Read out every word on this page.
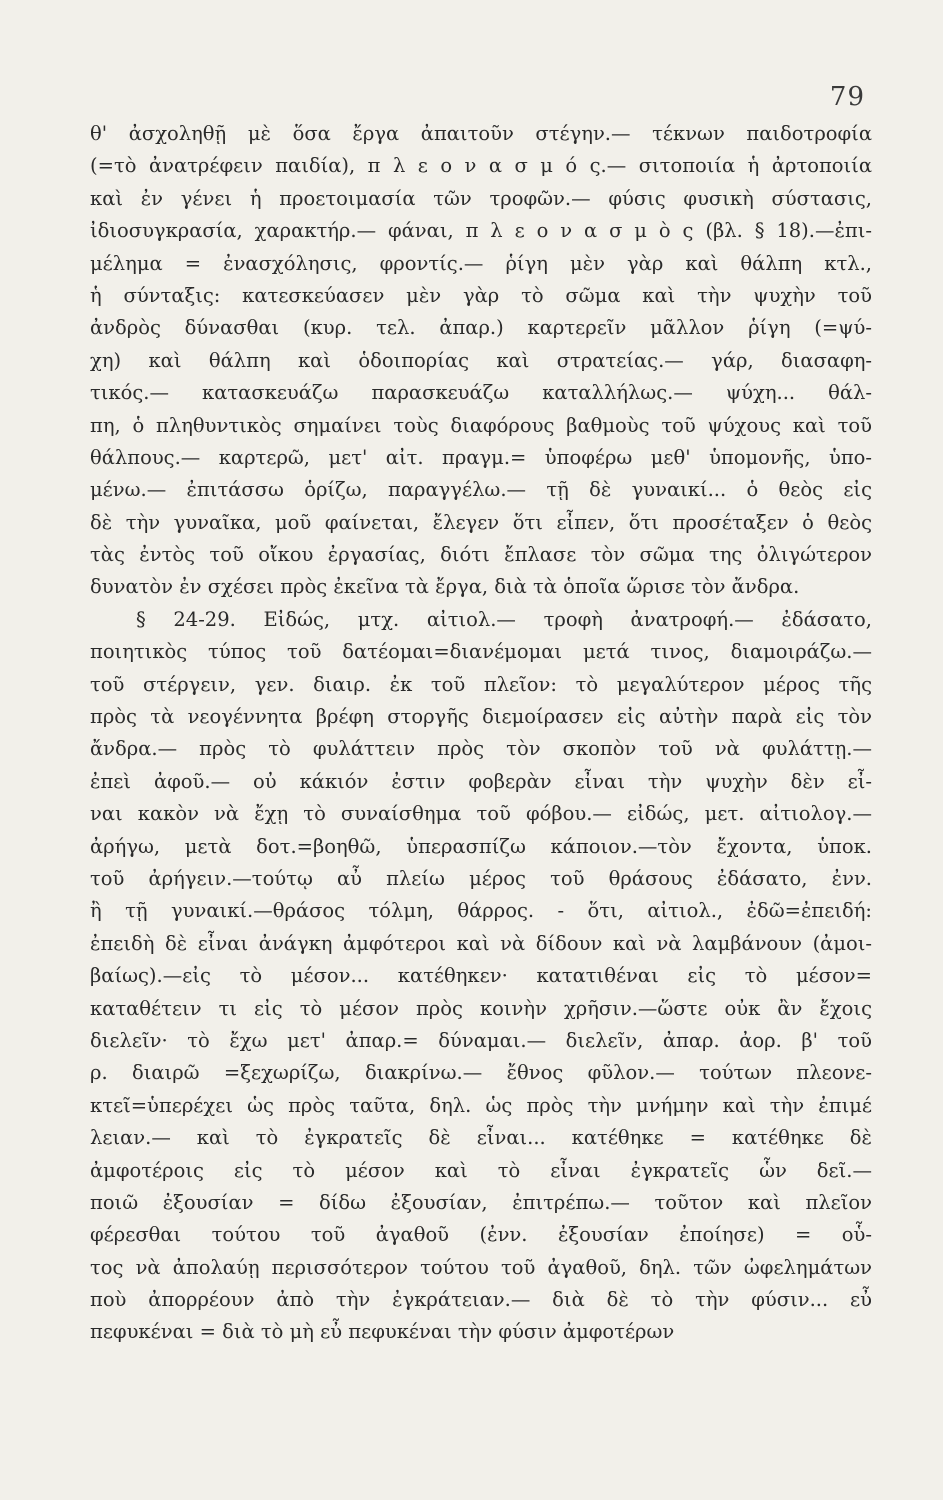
79
θ' ἀσχοληθῇ μὲ ὅσα ἔργα ἀπαιτοῦν στέγην.— τέκνων παιδοτροφία
(=τὸ ἀνατρέφειν παιδία), π λ ε ο ν α σ μ ό ς.— σιτοποιία ἡ ἀρτοποιία
καὶ ἐν γένει ἡ προετοιμασία τῶν τροφῶν.— φύσις φυσικὴ σύστασις,
ἰδιοσυγκρασία, χαρακτήρ.— φάναι, π λ ε ο ν α σ μ ὸ ς (βλ. § 18).—ἐπι-
μέλημα = ἐνασχόλησις, φροντίς.— ῥίγη μὲν γὰρ καὶ θάλπη κτλ.,
ἡ σύνταξις: κατεσκεύασεν μὲν γὰρ τὸ σῶμα καὶ τὴν ψυχὴν τοῦ
ἀνδρὸς δύνασθαι (κυρ. τελ. ἀπαρ.) καρτερεῖν μᾶλλον ῥίγη (=ψύ-
χη) καὶ θάλπη καὶ ὁδοιπορίας καὶ στρατείας.— γάρ, διασαφη-
τικός.— κατασκευάζω παρασκευάζω καταλλήλως.— ψύχη... θάλ-
πη, ὁ πληθυντικὸς σημαίνει τοὺς διαφόρους βαθμοὺς τοῦ ψύχους καὶ τοῦ
θάλπους.— καρτερῶ, μετ' αἰτ. πραγμ.= ὑποφέρω μεθ' ὑπομονῆς, ὑπο-
μένω.— ἐπιτάσσω ὁρίζω, παραγγέλω.— τῇ δὲ γυναικί... ὁ θεὸς εἰς
δὲ τὴν γυναῖκα, μοῦ φαίνεται, ἔλεγεν ὅτι εἶπεν, ὅτι προσέταξεν ὁ θεὸς
τὰς ἐντὸς τοῦ οἴκου ἐργασίας, διότι ἔπλασε τὸν σῶμα της ὀλιγώτερον
δυνατὸν ἐν σχέσει πρὸς ἐκεῖνα τὰ ἔργα, διὰ τὰ ὁποῖα ὥρισε τὸν ἄνδρα.
§ 24-29. Εἰδώς, μτχ. αἰτιολ.— τροφὴ ἀνατροφή.— ἐδάσατο,
ποιητικὸς τύπος τοῦ δατέομαι=διανέμομαι μετά τινος, διαμοιράζω.—
τοῦ στέργειν, γεν. διαιρ. ἐκ τοῦ πλεῖον: τὸ μεγαλύτερον μέρος τῆς
πρὸς τὰ νεογέννητα βρέφη στοργῆς διεμοίρασεν εἰς αὐτὴν παρὰ εἰς τὸν
ἄνδρα.— πρὸς τὸ φυλάττειν πρὸς τὸν σκοπὸν τοῦ νὰ φυλάττῃ.—
ἐπεὶ ἀφοῦ.— οὐ κάκιόν ἐστιν φοβερὰν εἶναι τὴν ψυχὴν δὲν εἶ-
ναι κακὸν νὰ ἔχῃ τὸ συναίσθημα τοῦ φόβου.— εἰδώς, μετ. αἰτιολογ.—
ἀρήγω, μετὰ δοτ.=βοηθῶ, ὑπερασπίζω κάποιον.—τὸν ἔχοντα, ὑποκ.
τοῦ ἀρήγειν.—τούτῳ αὖ πλείω μέρος τοῦ θράσους ἐδάσατο, ἐνν.
ἢ τῇ γυναικί.—θράσος τόλμη, θάρρος. - ὅτι, αἰτιολ., ἐδῶ=ἐπειδή:
ἐπειδὴ δὲ εἶναι ἀνάγκη ἀμφότεροι καὶ νὰ δίδουν καὶ νὰ λαμβάνουν (ἀμοι-
βαίως).—εἰς τὸ μέσον... κατέθηκεν· κατατιθέναι εἰς τὸ μέσον=
καταθέτειν τι εἰς τὸ μέσον πρὸς κοινὴν χρῆσιν.—ὥστε οὐκ ἂν ἔχοις
διελεῖν· τὸ ἔχω μετ' ἀπαρ.= δύναμαι.— διελεῖν, ἀπαρ. ἀορ. β' τοῦ
ρ. διαιρῶ =ξεχωρίζω, διακρίνω.— ἔθνος φῦλον.— τούτων πλεονε-
κτεῖ=ὑπερέχει ὡς πρὸς ταῦτα, δηλ. ὡς πρὸς τὴν μνήμην καὶ τὴν ἐπιμέ
λειαν.— καὶ τὸ ἐγκρατεῖς δὲ εἶναι... κατέθηκε = κατέθηκε δὲ
ἀμφοτέροις εἰς τὸ μέσον καὶ τὸ εἶναι ἐγκρατεῖς ὧν δεῖ.—
ποιῶ ἐξουσίαν = δίδω ἐξουσίαν, ἐπιτρέπω.— τοῦτον καὶ πλεῖον
φέρεσθαι τούτου τοῦ ἀγαθοῦ (ἐνν. ἐξουσίαν ἐποίησε) = οὗ-
τος νὰ ἀπολαύῃ περισσότερον τούτου τοῦ ἀγαθοῦ, δηλ. τῶν ὠφελημάτων
ποὺ ἀπορρέουν ἀπὸ τὴν ἐγκράτειαν.— διὰ δὲ τὸ τὴν φύσιν... εὖ
πεφυκέναι = διὰ τὸ μὴ εὖ πεφυκέναι τὴν φύσιν ἀμφοτέρων
